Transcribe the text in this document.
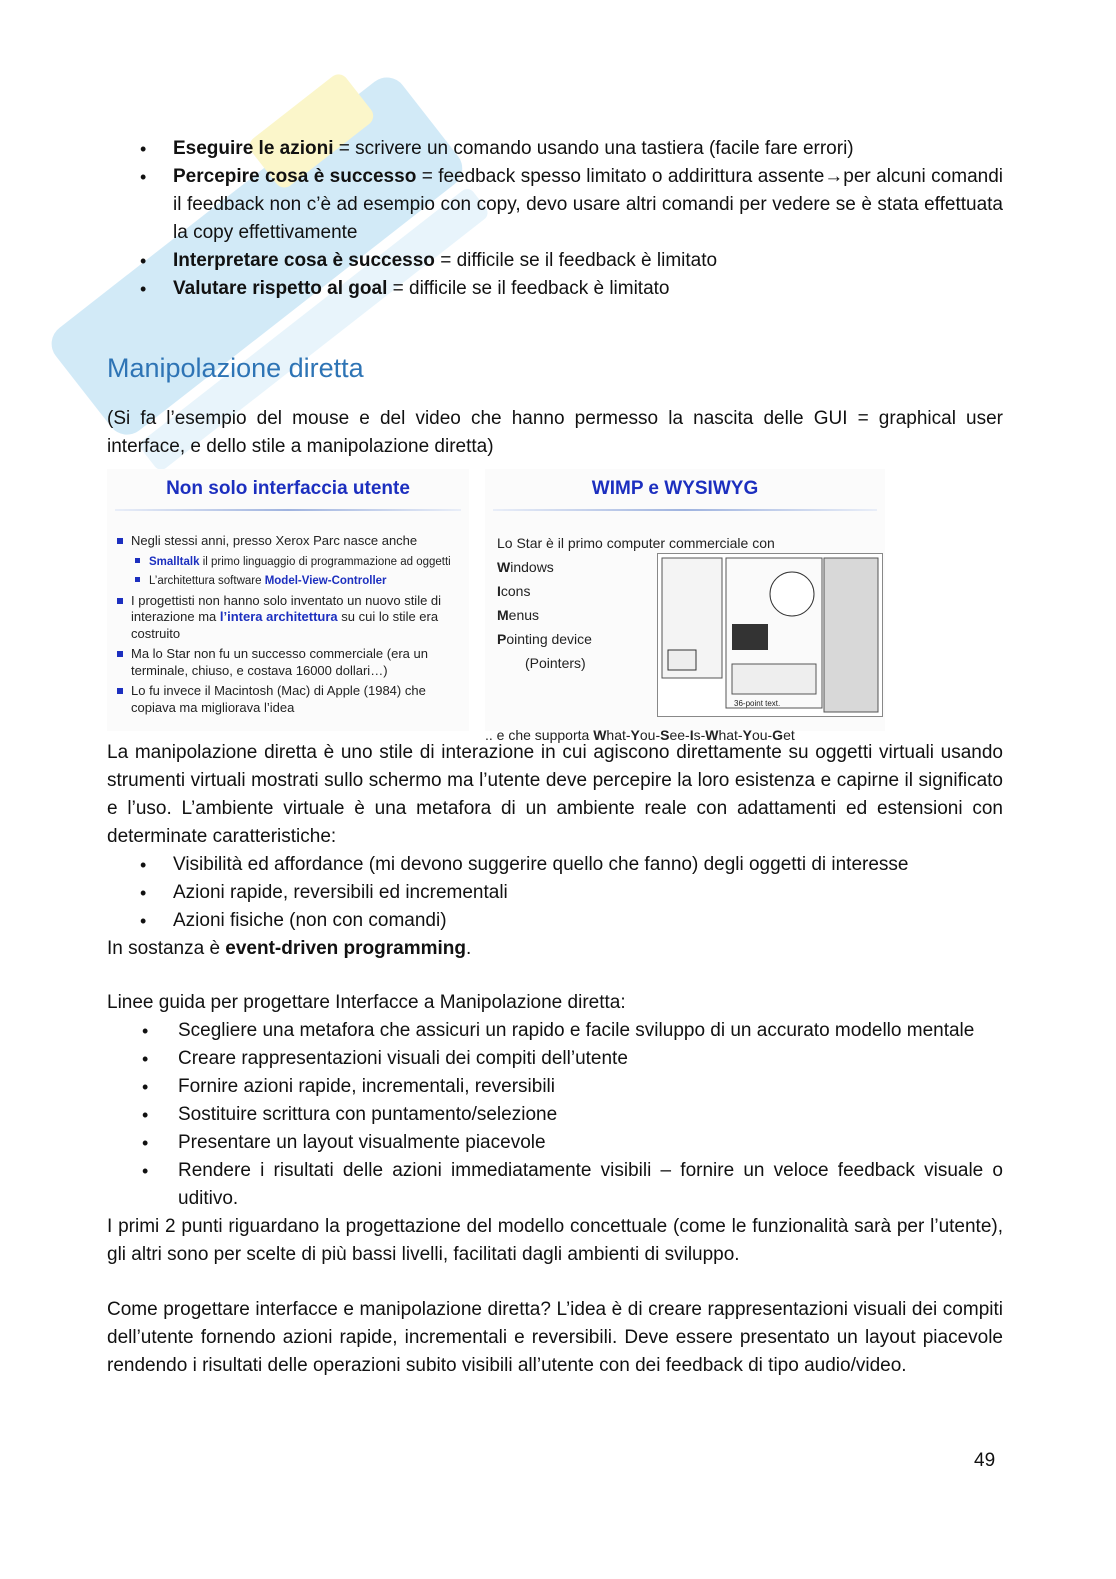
• Eseguire le azioni = scrivere un comando usando una tastiera (facile fare errori)
• Percepire cosa è successo = feedback spesso limitato o addirittura assente→per alcuni comandi il feedback non c’è ad esempio con copy, devo usare altri comandi per vedere se è stata effettuata la copy effettivamente
• Interpretare cosa è successo = difficile se il feedback è limitato
• Valutare rispetto al goal = difficile se il feedback è limitato
Manipolazione diretta

(Si fa l’esempio del mouse e del video che hanno permesso la nascita delle GUI = graphical user interface, e dello stile a manipolazione diretta)

Non solo interfaccia utente
Negli stessi anni, presso Xerox Parc nasce anche
Smalltalk il primo linguaggio di programmazione ad oggetti
L’architettura software Model-View-Controller
I progettisti non hanno solo inventato un nuovo stile di interazione ma l’intera architettura su cui lo stile era costruito
Ma lo Star non fu un successo commerciale (era un terminale, chiuso, e costava 16000 dollari…)
Lo fu invece il Macintosh (Mac) di Apple (1984) che copiava ma migliorava l’idea
WIMP e WYSIWYG
Lo Star è il primo computer commerciale con
Windows
Icons
Menus
Pointing device
(Pointers)
36-point text.
.. e che supporta What-You-See-Is-What-You-Get

La manipolazione diretta è uno stile di interazione in cui agiscono direttamente su oggetti virtuali usando strumenti virtuali mostrati sullo schermo ma l’utente deve percepire la loro esistenza e capirne il significato e l’uso. L’ambiente virtuale è una metafora di un ambiente reale con adattamenti ed estensioni con determinate caratteristiche:

• Visibilità ed affordance (mi devono suggerire quello che fanno) degli oggetti di interesse
• Azioni rapide, reversibili ed incrementali
• Azioni fisiche (non con comandi)

In sostanza è event-driven programming.

Linee guida per progettare Interfacce a Manipolazione diretta:

• Scegliere una metafora che assicuri un rapido e facile sviluppo di un accurato modello mentale
• Creare rappresentazioni visuali dei compiti dell’utente
• Fornire azioni rapide, incrementali, reversibili
• Sostituire scrittura con puntamento/selezione
• Presentare un layout visualmente piacevole
• Rendere i risultati delle azioni immediatamente visibili – fornire un veloce feedback visuale o uditivo.

I primi 2 punti riguardano la progettazione del modello concettuale (come le funzionalità sarà per l’utente), gli altri sono per scelte di più bassi livelli, facilitati dagli ambienti di sviluppo.

Come progettare interfacce e manipolazione diretta? L’idea è di creare rappresentazioni visuali dei compiti dell’utente fornendo azioni rapide, incrementali e reversibili. Deve essere presentato un layout piacevole rendendo i risultati delle operazioni subito visibili all’utente con dei feedback di tipo audio/video.

49
